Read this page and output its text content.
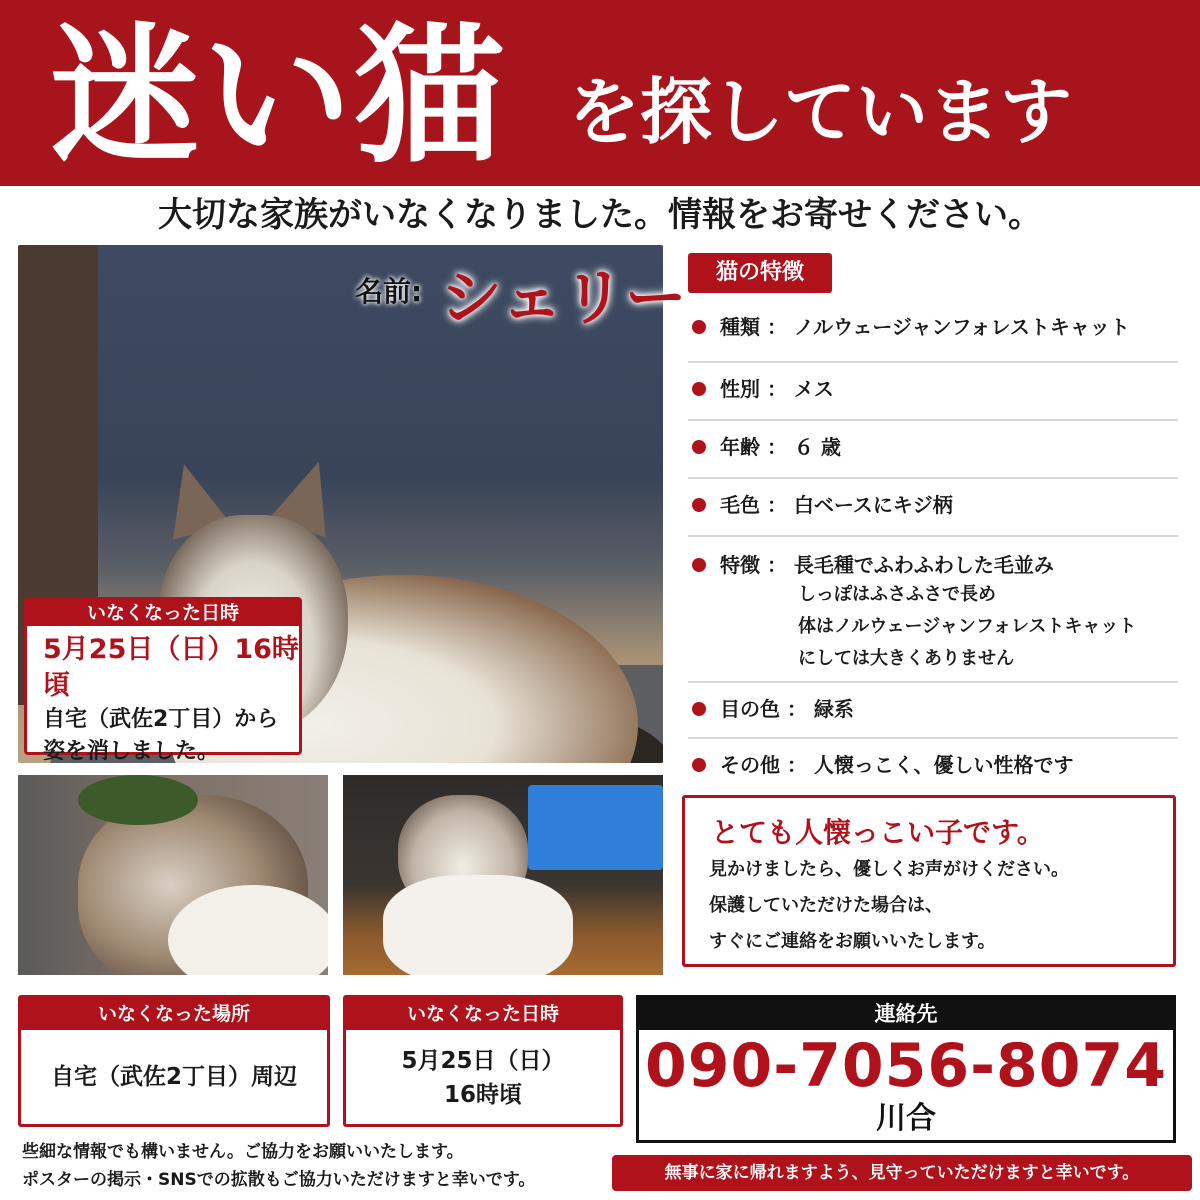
迷い猫 を探しています
大切な家族がいなくなりました。情報をお寄せください。
名前: シェリー
いなくなった日時
5月25日（日）16時頃
自宅（武佐2丁目）から
姿を消しました。
猫の特徴
種類 ： ノルウェージャンフォレストキャット
性別 ： メス
年齢 ： ６ 歳
毛色 ： 白ベースにキジ柄
特徴 ： 長毛種でふわふわした毛並み
しっぽはふさふさで長め
体はノルウェージャンフォレストキャット
にしては大きくありません
目の色 ： 緑系
その他 ： 人懐っこく、優しい性格です
とても人懐っこい子です。
見かけましたら、優しくお声がけください。
保護していただけた場合は、
すぐにご連絡をお願いいたします。
いなくなった場所
自宅（武佐2丁目）周辺
いなくなった日時
5月25日（日）
16時頃
連絡先
090-7056-8074
川合
些細な情報でも構いません。ご協力をお願いいたします。
ポスターの掲示・SNSでの拡散もご協力いただけますと幸いです。	無事に家に帰れますよう、見守っていただけますと幸いです。
